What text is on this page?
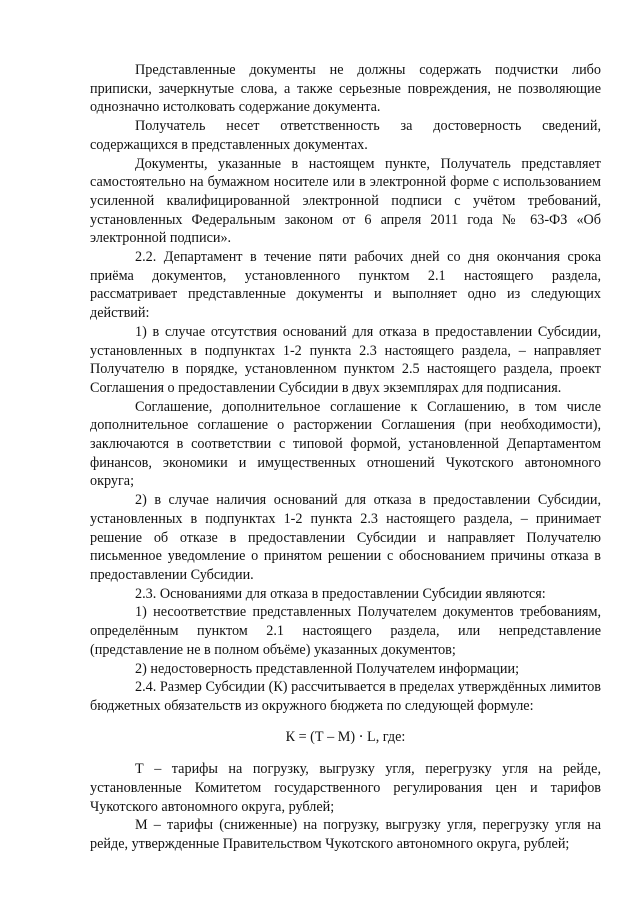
Представленные документы не должны содержать подчистки либо приписки, зачеркнутые слова, а также серьезные повреждения, не позволяющие однозначно истолковать содержание документа.

Получатель несет ответственность за достоверность сведений, содержащихся в представленных документах.

Документы, указанные в настоящем пункте, Получатель представляет самостоятельно на бумажном носителе или в электронной форме с использованием усиленной квалифицированной электронной подписи с учётом требований, установленных Федеральным законом от 6 апреля 2011 года № 63-ФЗ «Об электронной подписи».

2.2. Департамент в течение пяти рабочих дней со дня окончания срока приёма документов, установленного пунктом 2.1 настоящего раздела, рассматривает представленные документы и выполняет одно из следующих действий:

1) в случае отсутствия оснований для отказа в предоставлении Субсидии, установленных в подпунктах 1-2 пункта 2.3 настоящего раздела, – направляет Получателю в порядке, установленном пунктом 2.5 настоящего раздела, проект Соглашения о предоставлении Субсидии в двух экземплярах для подписания.

Соглашение, дополнительное соглашение к Соглашению, в том числе дополнительное соглашение о расторжении Соглашения (при необходимости), заключаются в соответствии с типовой формой, установленной Департаментом финансов, экономики и имущественных отношений Чукотского автономного округа;

2) в случае наличия оснований для отказа в предоставлении Субсидии, установленных в подпунктах 1-2 пункта 2.3 настоящего раздела, – принимает решение об отказе в предоставлении Субсидии и направляет Получателю письменное уведомление о принятом решении с обоснованием причины отказа в предоставлении Субсидии.

2.3. Основаниями для отказа в предоставлении Субсидии являются:

1) несоответствие представленных Получателем документов требованиям, определённым пунктом 2.1 настоящего раздела, или непредставление (представление не в полном объёме) указанных документов;

2) недостоверность представленной Получателем информации;

2.4. Размер Субсидии (К) рассчитывается в пределах утверждённых лимитов бюджетных обязательств из окружного бюджета по следующей формуле:

К = (Т – М) ⋅ L, где:

Т – тарифы на погрузку, выгрузку угля, перегрузку угля на рейде, установленные Комитетом государственного регулирования цен и тарифов Чукотского автономного округа, рублей;

М – тарифы (сниженные) на погрузку, выгрузку угля, перегрузку угля на рейде, утвержденные Правительством Чукотского автономного округа, рублей;
